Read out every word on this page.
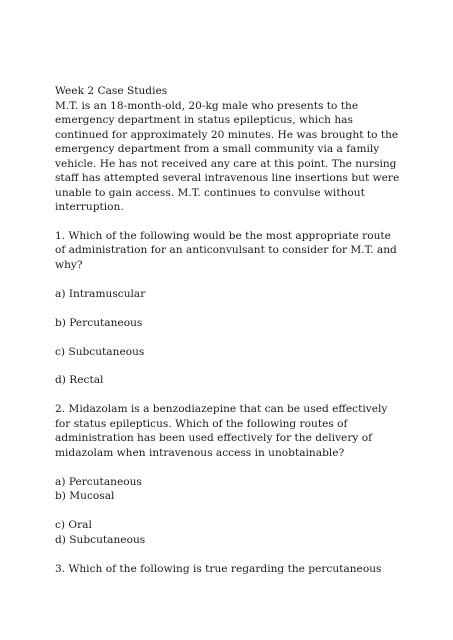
Week 2 Case Studies
M.T. is an 18-month-old, 20-kg male who presents to the
emergency department in status epilepticus, which has
continued for approximately 20 minutes. He was brought to the
emergency department from a small community via a family
vehicle. He has not received any care at this point. The nursing
staff has attempted several intravenous line insertions but were
unable to gain access. M.T. continues to convulse without
interruption.
1. Which of the following would be the most appropriate route
of administration for an anticonvulsant to consider for M.T. and
why?
a) Intramuscular
b) Percutaneous
c) Subcutaneous
d) Rectal
2. Midazolam is a benzodiazepine that can be used effectively
for status epilepticus. Which of the following routes of
administration has been used effectively for the delivery of
midazolam when intravenous access in unobtainable?
a) Percutaneous
b) Mucosal
c) Oral
d) Subcutaneous
3. Which of the following is true regarding the percutaneous
